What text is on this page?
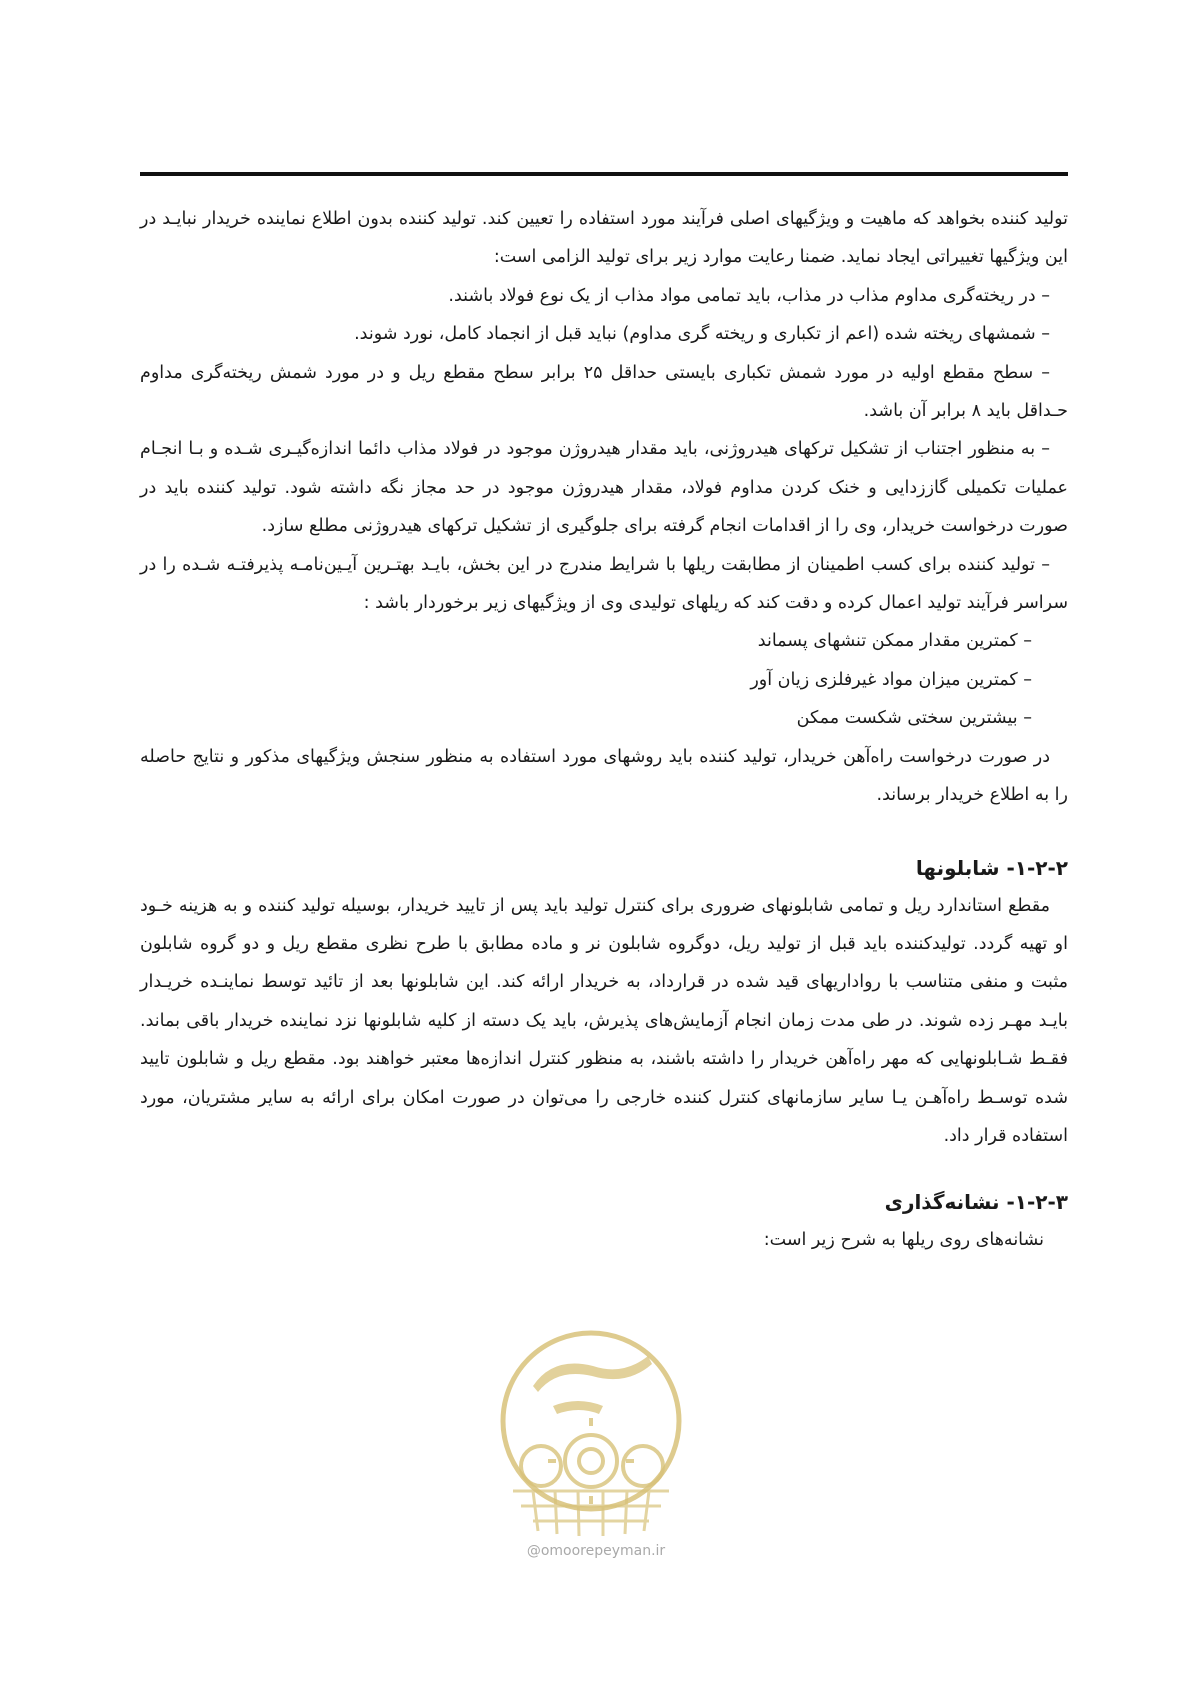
تولید کننده بخواهد که ماهیت و ویژگیهای اصلی فرآیند مورد استفاده را تعیین کند. تولید کننده بدون اطلاع نماینده خریدار نبایـد در این ویژگیها تغییراتی ایجاد نماید. ضمنا رعایت موارد زیر برای تولید الزامی است:

– در ریخته‌گری مداوم مذاب در مذاب، باید تمامی مواد مذاب از یک نوع فولاد باشند.

– شمشهای ریخته شده (اعم از تکباری و ریخته گری مداوم) نباید قبل از انجماد کامل، نورد شوند.

– سطح مقطع اولیه در مورد شمش تکباری بایستی حداقل ۲۵ برابر سطح مقطع ریل و در مورد شمش ریخته‌گری مداوم حـداقل باید ۸ برابر آن باشد.

– به منظور اجتناب از تشکیل ترکهای هیدروژنی، باید مقدار هیدروژن موجود در فولاد مذاب دائما اندازه‌گیـری شـده و بـا انجـام عملیات تکمیلی گاززدایی و خنک کردن مداوم فولاد، مقدار هیدروژن موجود در حد مجاز نگه داشته شود. تولید کننده باید در صورت درخواست خریدار، وی را از اقدامات انجام گرفته برای جلوگیری از تشکیل ترکهای هیدروژنی مطلع سازد.

– تولید کننده برای کسب اطمینان از مطابقت ریلها با شرایط مندرج در این بخش، بایـد بهتـرین آیـین‌نامـه پذیرفتـه شـده را در سراسر فرآیند تولید اعمال کرده و دقت کند که ریلهای تولیدی وی از ویژگیهای زیر برخوردار باشد :

– کمترین مقدار ممکن تنشهای پسماند

– کمترین میزان مواد غیرفلزی زیان آور

– بیشترین سختی شکست ممکن

در صورت درخواست راه‌آهن خریدار، تولید کننده باید روشهای مورد استفاده به منظور سنجش ویژگیهای مذکور و نتایج حاصله را به اطلاع خریدار برساند.

۱-۲-۲- شابلونها

مقطع استاندارد ریل و تمامی شابلونهای ضروری برای کنترل تولید باید پس از تایید خریدار، بوسیله تولید کننده و به هزینه خـود او تهیه گردد. تولیدکننده باید قبل از تولید ریل، دوگروه شابلون نر و ماده مطابق با طرح نظری مقطع ریل و دو گروه شابلون مثبت و منفی متناسب با رواداریهای قید شده در قرارداد، به خریدار ارائه کند. این شابلونها بعد از تائید توسط نماینـده خریـدار بایـد مهـر زده شوند. در طی مدت زمان انجام آزمایش‌های پذیرش، باید یک دسته از کلیه شابلونها نزد نماینده خریدار باقی بماند. فقـط شـابلونهایی که مهر راه‌آهن خریدار را داشته باشند، به منظور کنترل اندازه‌ها معتبر خواهند بود. مقطع ریل و شابلون تایید شده توسـط راه‌آهـن یـا سایر سازمانهای کنترل کننده خارجی را می‌توان در صورت امکان برای ارائه به سایر مشتریان، مورد استفاده قرار داد.

۱-۲-۳- نشانه‌گذاری

نشانه‌های روی ریلها به شرح زیر است:

@omoorepeyman.ir
